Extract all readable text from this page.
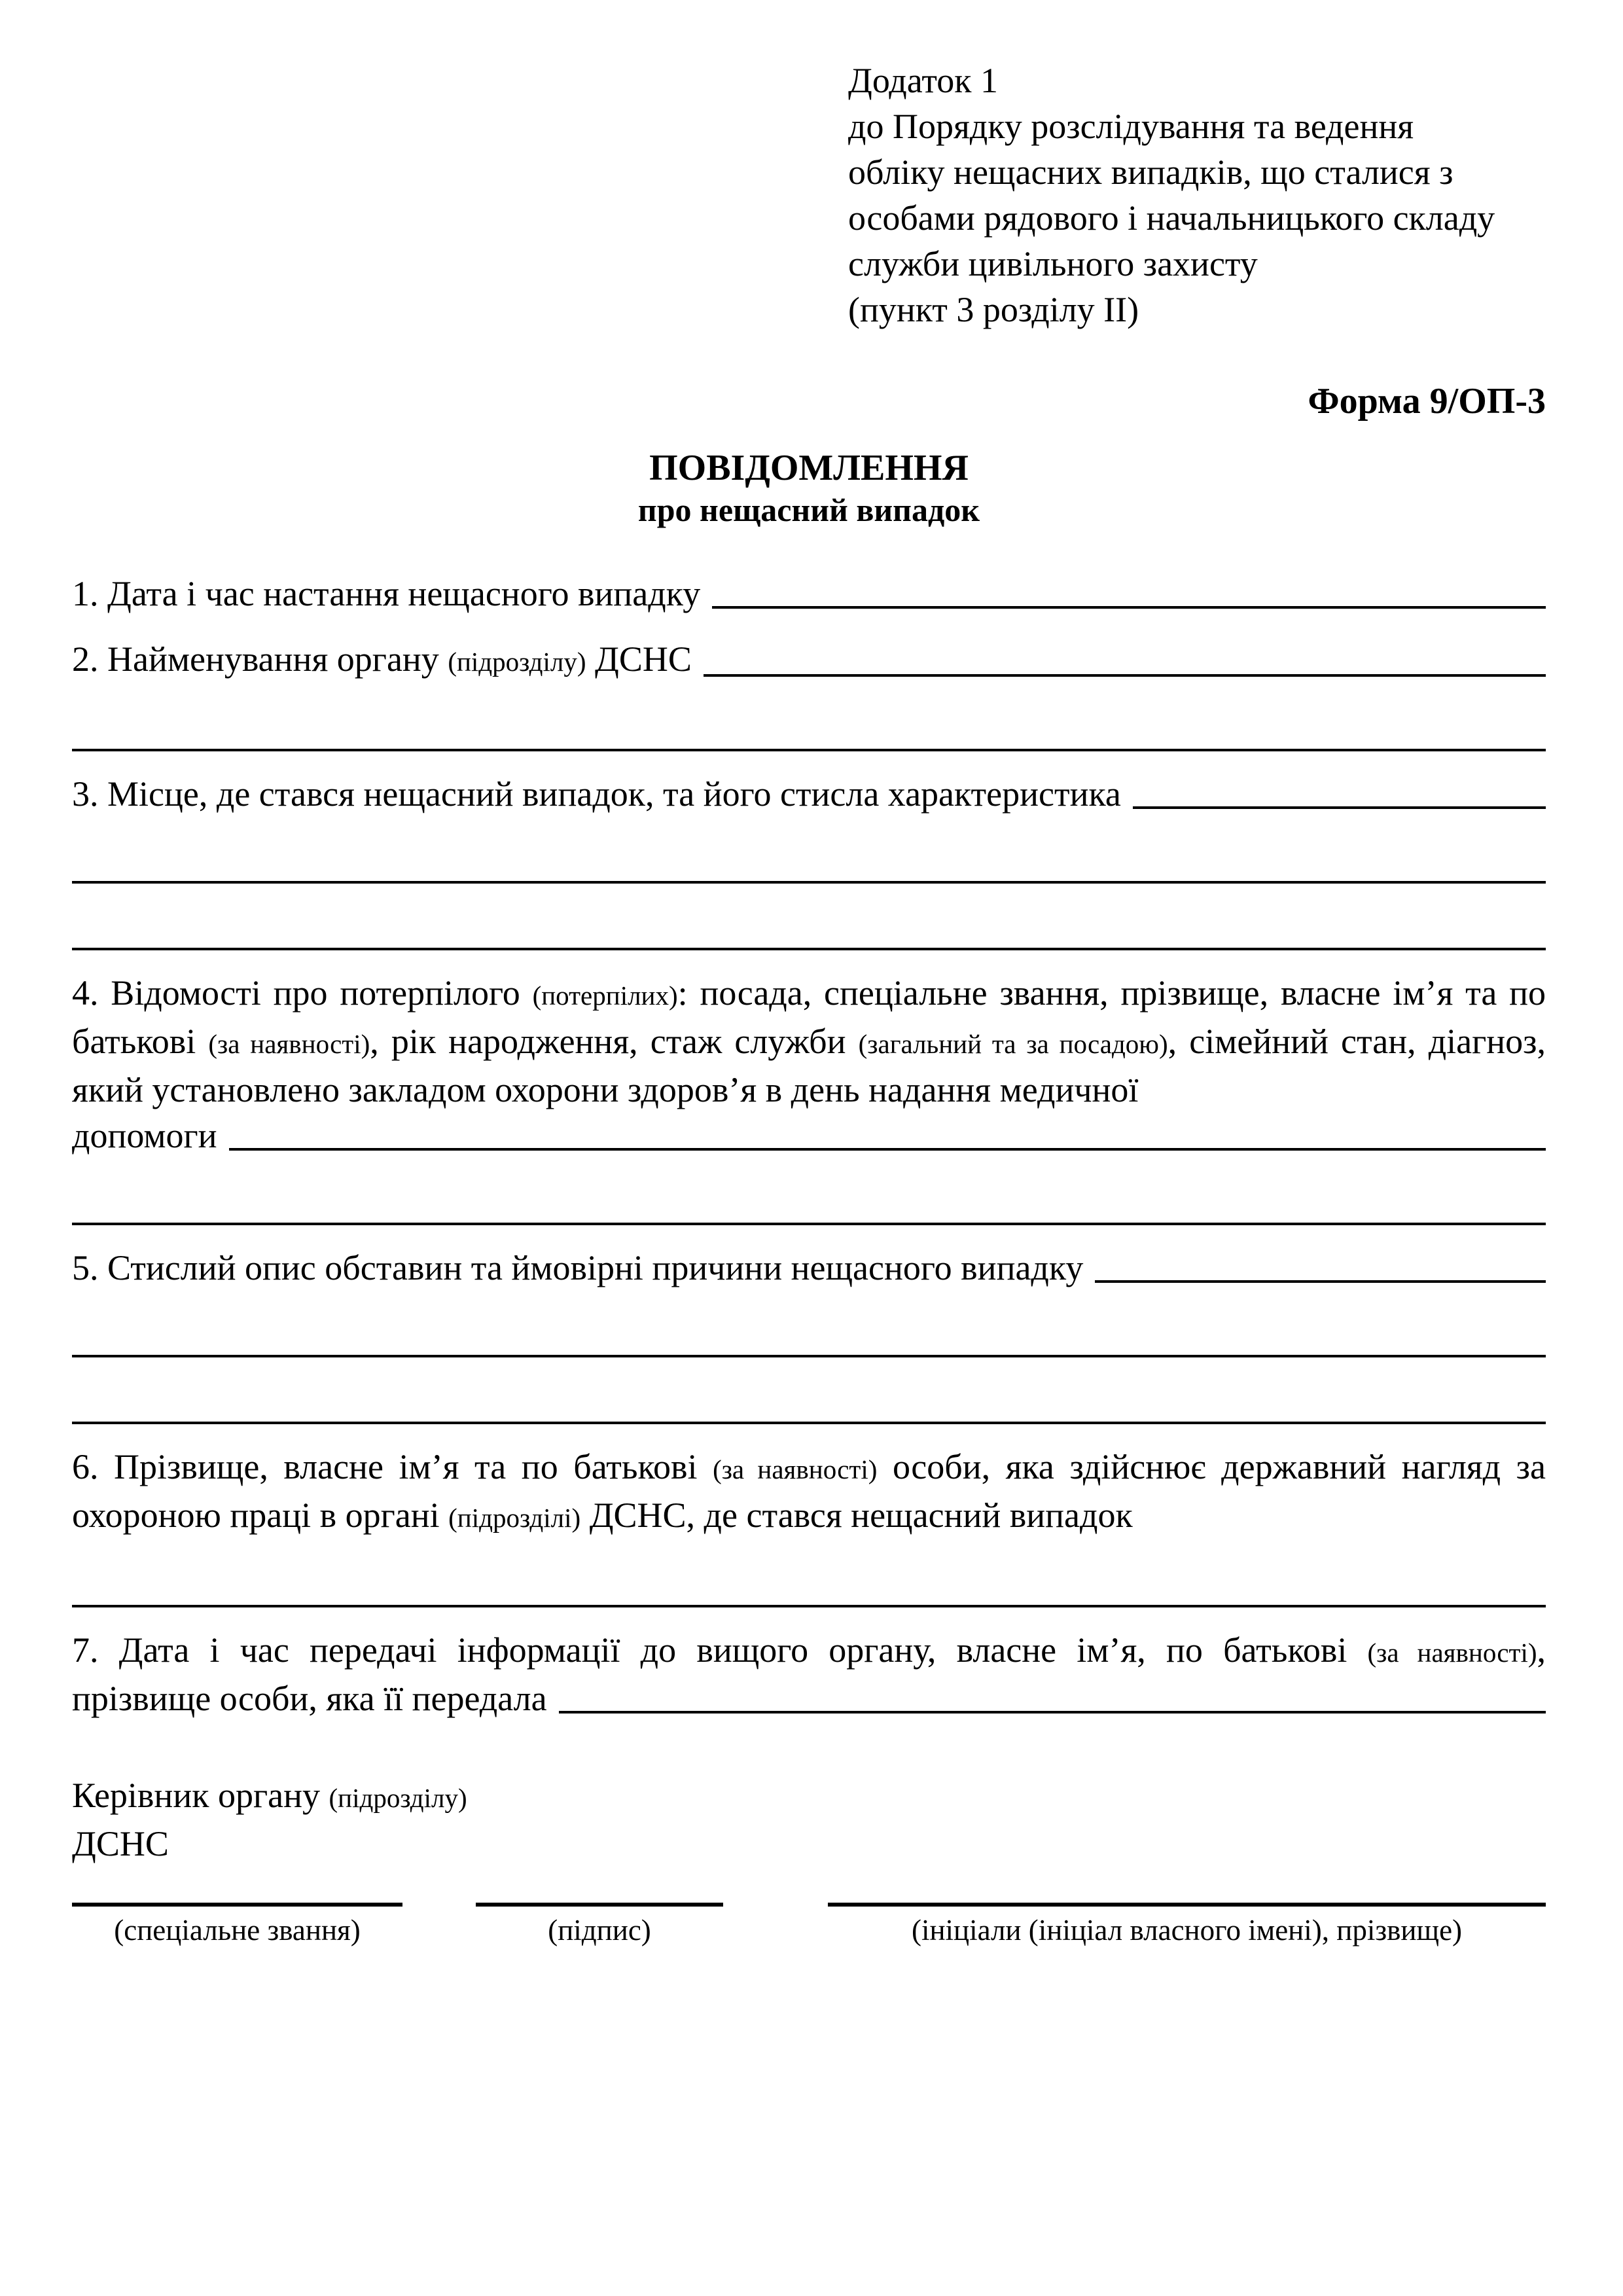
Додаток 1
до Порядку розслідування та ведення
обліку нещасних випадків, що сталися з
особами рядового і начальницького складу
служби цивільного захисту
(пункт 3 розділу ІІ)
Форма 9/ОП-3
ПОВІДОМЛЕННЯ
про нещасний випадок
1. Дата і час настання нещасного випадку
2. Найменування органу (підрозділу) ДСНС
3. Місце, де стався нещасний випадок, та його стисла характеристика
4. Відомості про потерпілого (потерпілих): посада, спеціальне звання, прізвище, власне ім’я та по батькові (за наявності), рік народження, стаж служби (загальний та за посадою), сімейний стан, діагноз, який установлено закладом охорони здоров’я в день надання медичної
допомоги
5. Стислий опис обставин та ймовірні причини нещасного випадку
6. Прізвище, власне ім’я та по батькові (за наявності) особи, яка здійснює державний нагляд за охороною праці в органі (підрозділі) ДСНС, де стався нещасний випадок
7. Дата і час передачі інформації до вищого органу, власне ім’я, по батькові (за наявності),
прізвище особи, яка її передала
Керівник органу (підрозділу)
ДСНС
(спеціальне звання)	(підпис)	(ініціали (ініціал власного імені), прізвище)
